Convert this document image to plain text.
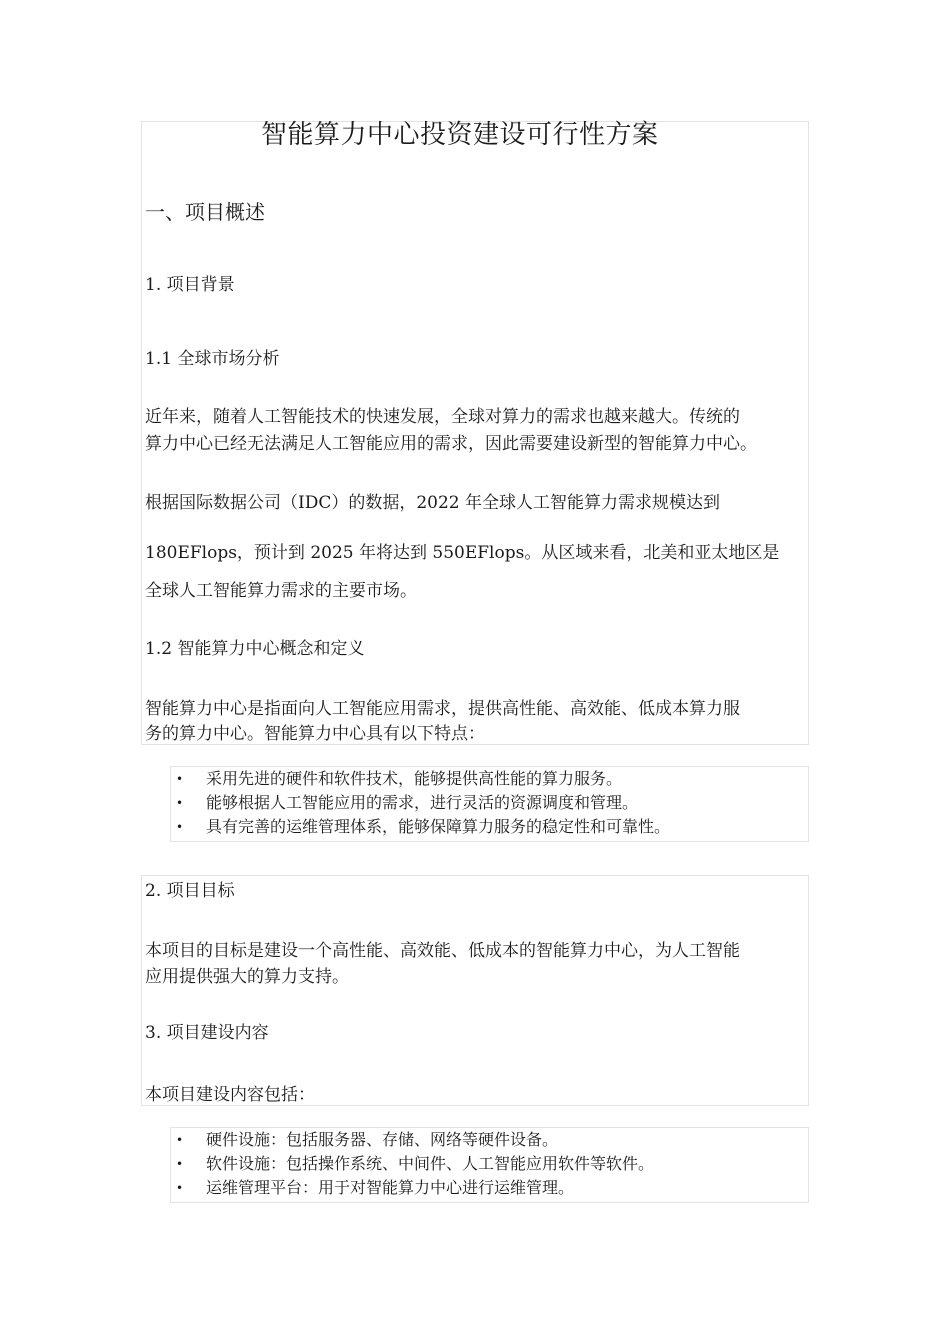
智能算力中心投资建设可行性方案
一、项目概述
1. 项目背景
1.1 全球市场分析
近年来，随着人工智能技术的快速发展，全球对算力的需求也越来越大。传统的
算力中心已经无法满足人工智能应用的需求，因此需要建设新型的智能算力中心。
根据国际数据公司（IDC）的数据，2022 年全球人工智能算力需求规模达到
180EFlops，预计到 2025 年将达到 550EFlops。从区域来看，北美和亚太地区是
全球人工智能算力需求的主要市场。
1.2 智能算力中心概念和定义
智能算力中心是指面向人工智能应用需求，提供高性能、高效能、低成本算力服
务的算力中心。智能算力中心具有以下特点：
• 采用先进的硬件和软件技术，能够提供高性能的算力服务。
• 能够根据人工智能应用的需求，进行灵活的资源调度和管理。
• 具有完善的运维管理体系，能够保障算力服务的稳定性和可靠性。
2. 项目目标
本项目的目标是建设一个高性能、高效能、低成本的智能算力中心，为人工智能
应用提供强大的算力支持。
3. 项目建设内容
本项目建设内容包括：
• 硬件设施：包括服务器、存储、网络等硬件设备。
• 软件设施：包括操作系统、中间件、人工智能应用软件等软件。
• 运维管理平台：用于对智能算力中心进行运维管理。
